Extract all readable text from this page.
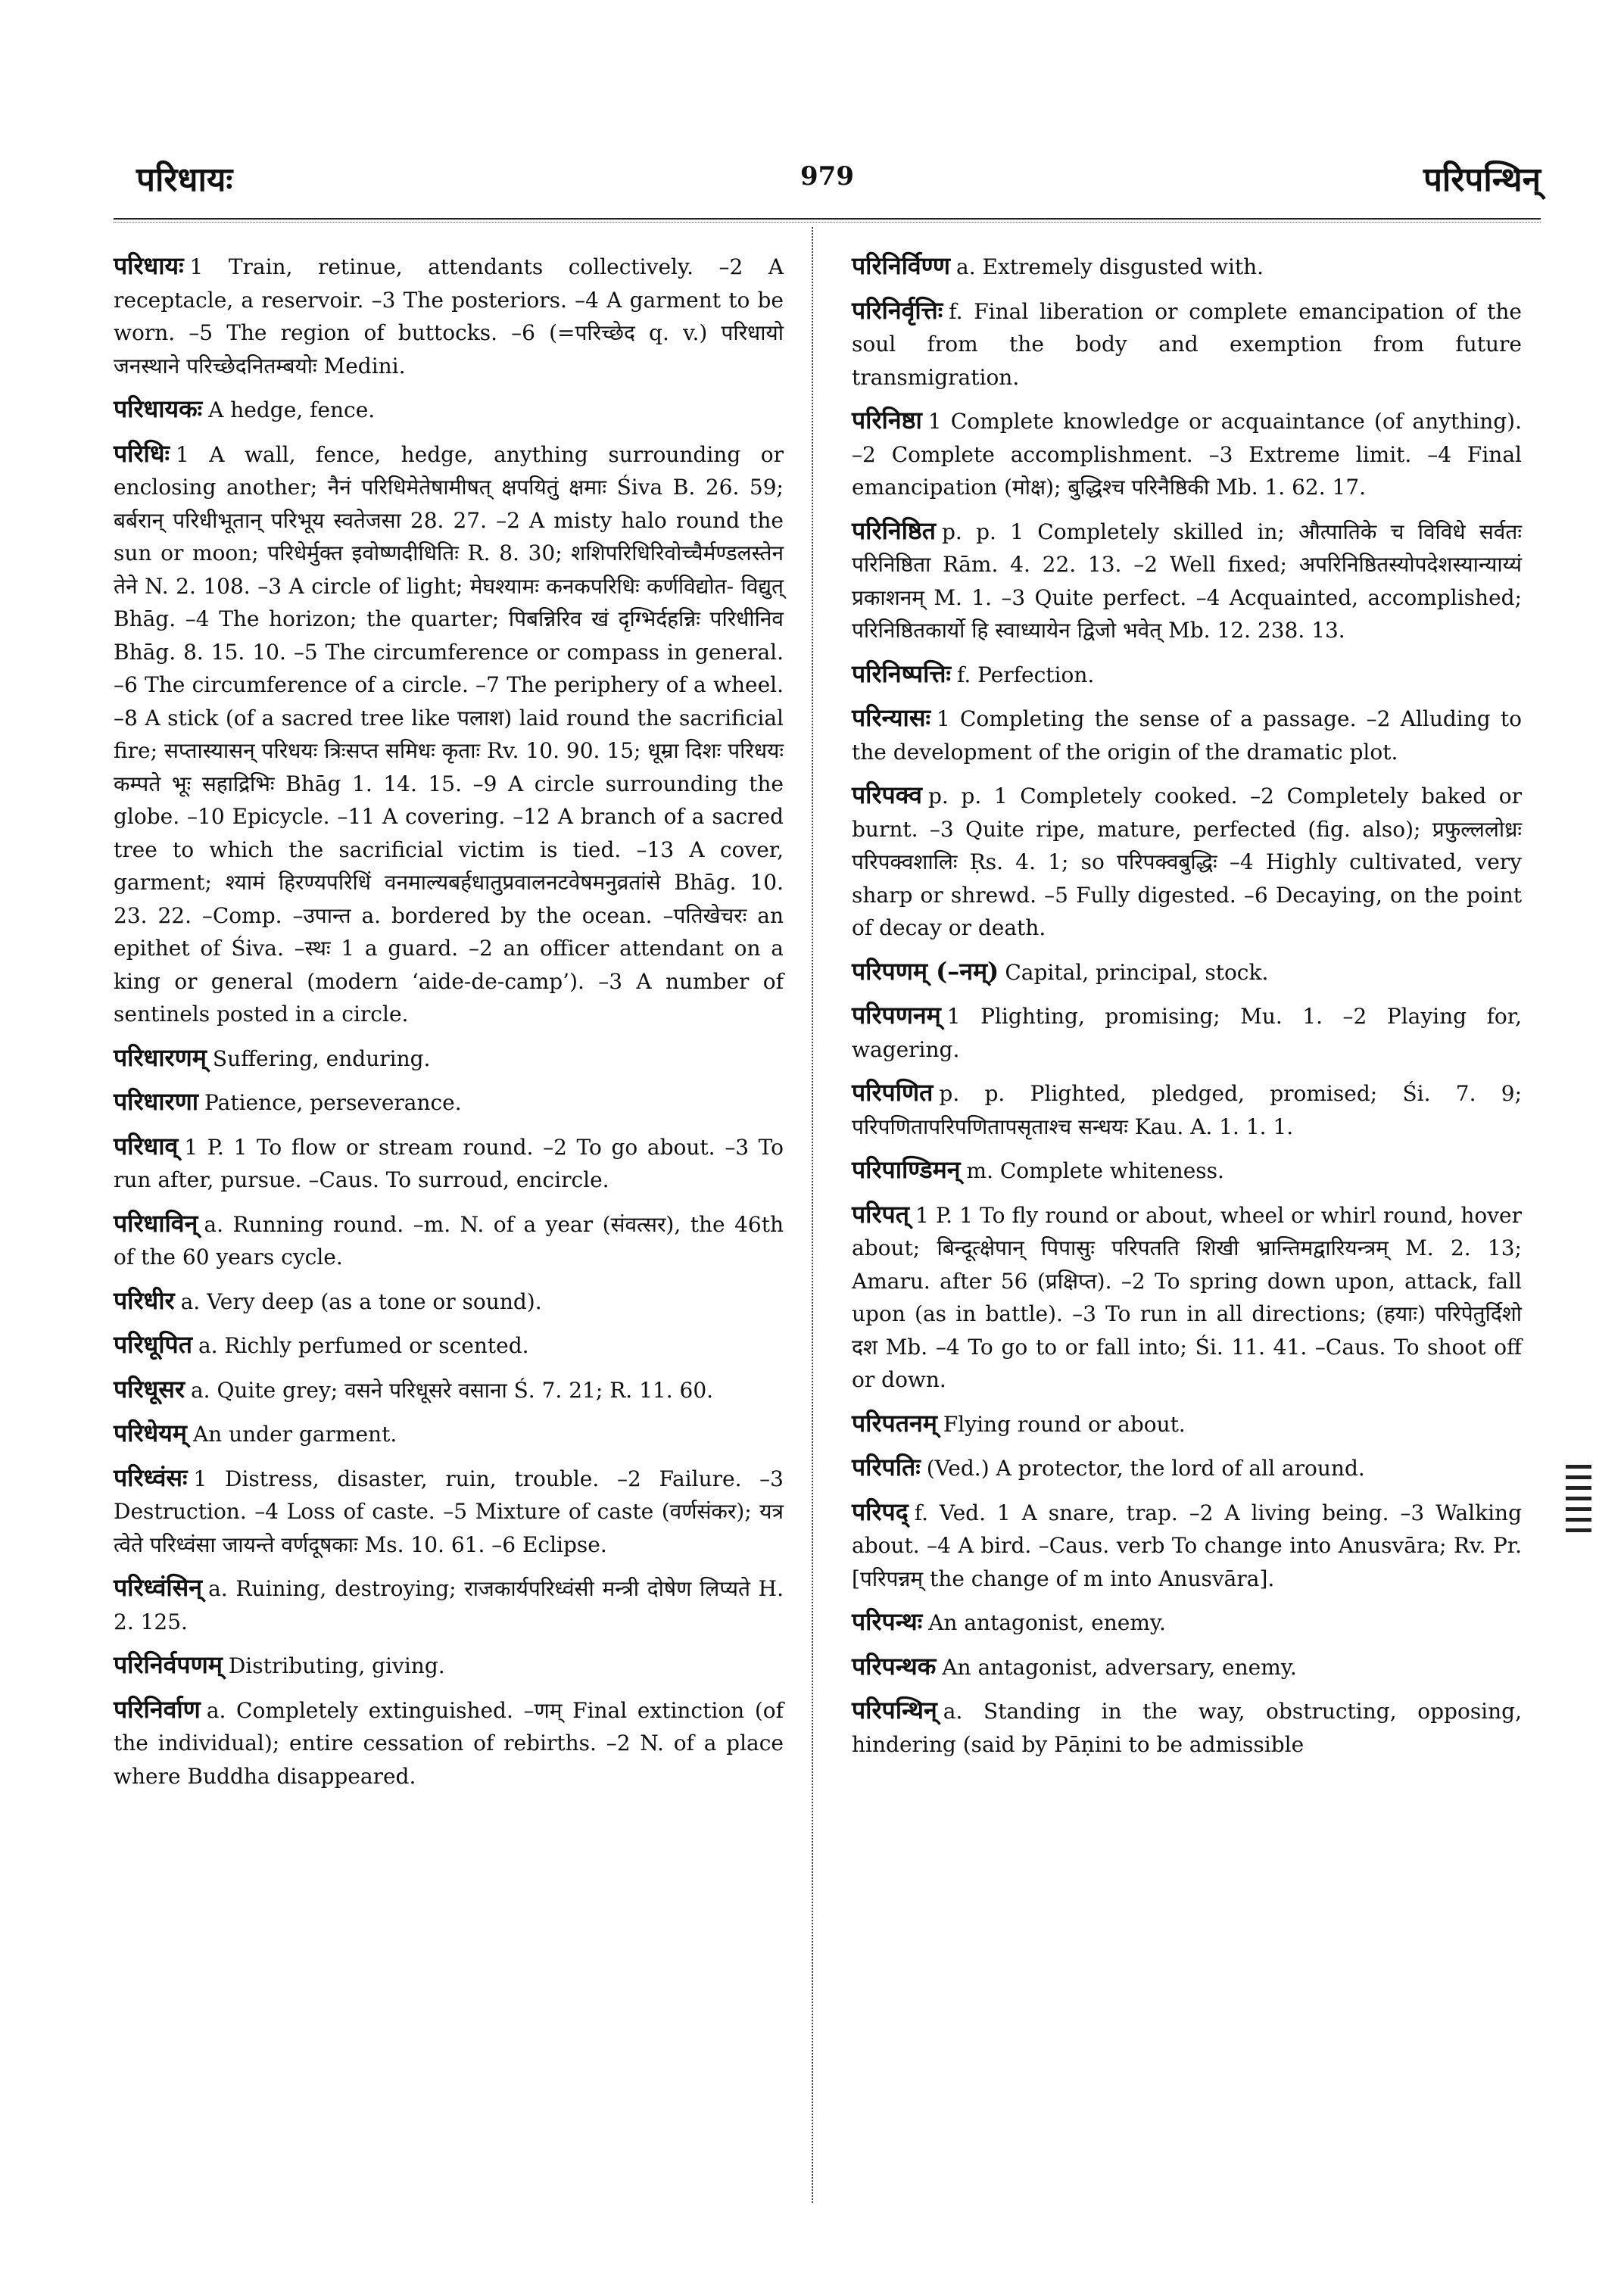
परिधायः	979	परिपन्थिन्
परिधायः 1 Train, retinue, attendants collectively. –2 A receptacle, a reservoir. –3 The posteriors. –4 A garment to be worn. –5 The region of buttocks. –6 (=परिच्छेद q. v.) परिधायो जनस्थाने परिच्छेदनितम्बयोः Medini.
परिधायकः A hedge, fence.
परिधिः 1 A wall, fence, hedge, anything surrounding or enclosing another; नैनं परिधिमेतेषामीषत् क्षपयितुं क्षमाः Śiva B. 26. 59; बर्बरान् परिधीभूतान् परिभूय स्वतेजसा 28. 27. –2 A misty halo round the sun or moon; परिधेर्मुक्त इवोष्णदीधितिः R. 8. 30; शशिपरिधिरिवोच्चैर्मण्डलस्तेन तेने N. 2. 108. –3 A circle of light; मेघश्यामः कनकपरिधिः कर्णविद्योत- विद्युत् Bhāg. –4 The horizon; the quarter; पिबन्निरिव खं दृग्भिर्दहन्निः परिधीनिव Bhāg. 8. 15. 10. –5 The circumference or compass in general. –6 The circumference of a circle. –7 The periphery of a wheel. –8 A stick (of a sacred tree like पलाश) laid round the sacrificial fire; सप्तास्यासन् परिधयः त्रिःसप्त समिधः कृताः Rv. 10. 90. 15; धूम्रा दिशः परिधयः कम्पते भूः सहाद्रिभिः Bhāg 1. 14. 15. –9 A circle surrounding the globe. –10 Epicycle. –11 A covering. –12 A branch of a sacred tree to which the sacrificial victim is tied. –13 A cover, garment; श्यामं हिरण्यपरिधिं वनमाल्यबर्हधातुप्रवालनटवेषमनुव्रतांसे Bhāg. 10. 23. 22. –Comp. –उपान्त a. bordered by the ocean. –पतिखेचरः an epithet of Śiva. –स्थः 1 a guard. –2 an officer attendant on a king or general (modern ‘aide-de-camp’). –3 A number of sentinels posted in a circle.
परिधारणम् Suffering, enduring.
परिधारणा Patience, perseverance.
परिधाव् 1 P. 1 To flow or stream round. –2 To go about. –3 To run after, pursue. –Caus. To surroud, encircle.
परिधाविन् a. Running round. –m. N. of a year (संवत्सर), the 46th of the 60 years cycle.
परिधीर a. Very deep (as a tone or sound).
परिधूपित a. Richly perfumed or scented.
परिधूसर a. Quite grey; वसने परिधूसरे वसाना Ś. 7. 21; R. 11. 60.
परिधेयम् An under garment.
परिध्वंसः 1 Distress, disaster, ruin, trouble. –2 Failure. –3 Destruction. –4 Loss of caste. –5 Mixture of caste (वर्णसंकर); यत्र त्वेते परिध्वंसा जायन्ते वर्णदूषकाः Ms. 10. 61. –6 Eclipse.
परिध्वंसिन् a. Ruining, destroying; राजकार्यपरिध्वंसी मन्त्री दोषेण लिप्यते H. 2. 125.
परिनिर्वपणम् Distributing, giving.
परिनिर्वाण a. Completely extinguished. –णम् Final extinction (of the individual); entire cessation of rebirths. –2 N. of a place where Buddha disappeared.
परिनिर्विण्ण a. Extremely disgusted with.
परिनिर्वृत्तिः f. Final liberation or complete emancipation of the soul from the body and exemption from future transmigration.
परिनिष्ठा 1 Complete knowledge or acquaintance (of anything). –2 Complete accomplishment. –3 Extreme limit. –4 Final emancipation (मोक्ष); बुद्धिश्च परिनैष्ठिकी Mb. 1. 62. 17.
परिनिष्ठित p. p. 1 Completely skilled in; औत्पातिके च विविधे सर्वतः परिनिष्ठिता Rām. 4. 22. 13. –2 Well fixed; अपरिनिष्ठितस्योपदेशस्यान्याय्यं प्रकाशनम् M. 1. –3 Quite perfect. –4 Acquainted, accomplished; परिनिष्ठितकार्यो हि स्वाध्यायेन द्विजो भवेत् Mb. 12. 238. 13.
परिनिष्पत्तिः f. Perfection.
परिन्यासः 1 Completing the sense of a passage. –2 Alluding to the development of the origin of the dramatic plot.
परिपक्व p. p. 1 Completely cooked. –2 Completely baked or burnt. –3 Quite ripe, mature, perfected (fig. also); प्रफुल्ललोध्रः परिपक्वशालिः Ṛs. 4. 1; so परिपक्वबुद्धिः –4 Highly cultivated, very sharp or shrewd. –5 Fully digested. –6 Decaying, on the point of decay or death.
परिपणम् (–नम्) Capital, principal, stock.
परिपणनम् 1 Plighting, promising; Mu. 1. –2 Playing for, wagering.
परिपणित p. p. Plighted, pledged, promised; Śi. 7. 9; परिपणितापरिपणितापसृताश्च सन्धयः Kau. A. 1. 1. 1.
परिपाण्डिमन् m. Complete whiteness.
परिपत् 1 P. 1 To fly round or about, wheel or whirl round, hover about; बिन्दूत्क्षेपान् पिपासुः परिपतति शिखी भ्रान्तिमद्वारियन्त्रम् M. 2. 13; Amaru. after 56 (प्रक्षिप्त). –2 To spring down upon, attack, fall upon (as in battle). –3 To run in all directions; (हयाः) परिपेतुर्दिशो दश Mb. –4 To go to or fall into; Śi. 11. 41. –Caus. To shoot off or down.
परिपतनम् Flying round or about.
परिपतिः (Ved.) A protector, the lord of all around.
परिपद् f. Ved. 1 A snare, trap. –2 A living being. –3 Walking about. –4 A bird. –Caus. verb To change into Anusvāra; Rv. Pr. [परिपन्नम् the change of m into Anusvāra].
परिपन्थः An antagonist, enemy.
परिपन्थक An antagonist, adversary, enemy.
परिपन्थिन् a. Standing in the way, obstructing, opposing, hindering (said by Pāṇini to be admissible
